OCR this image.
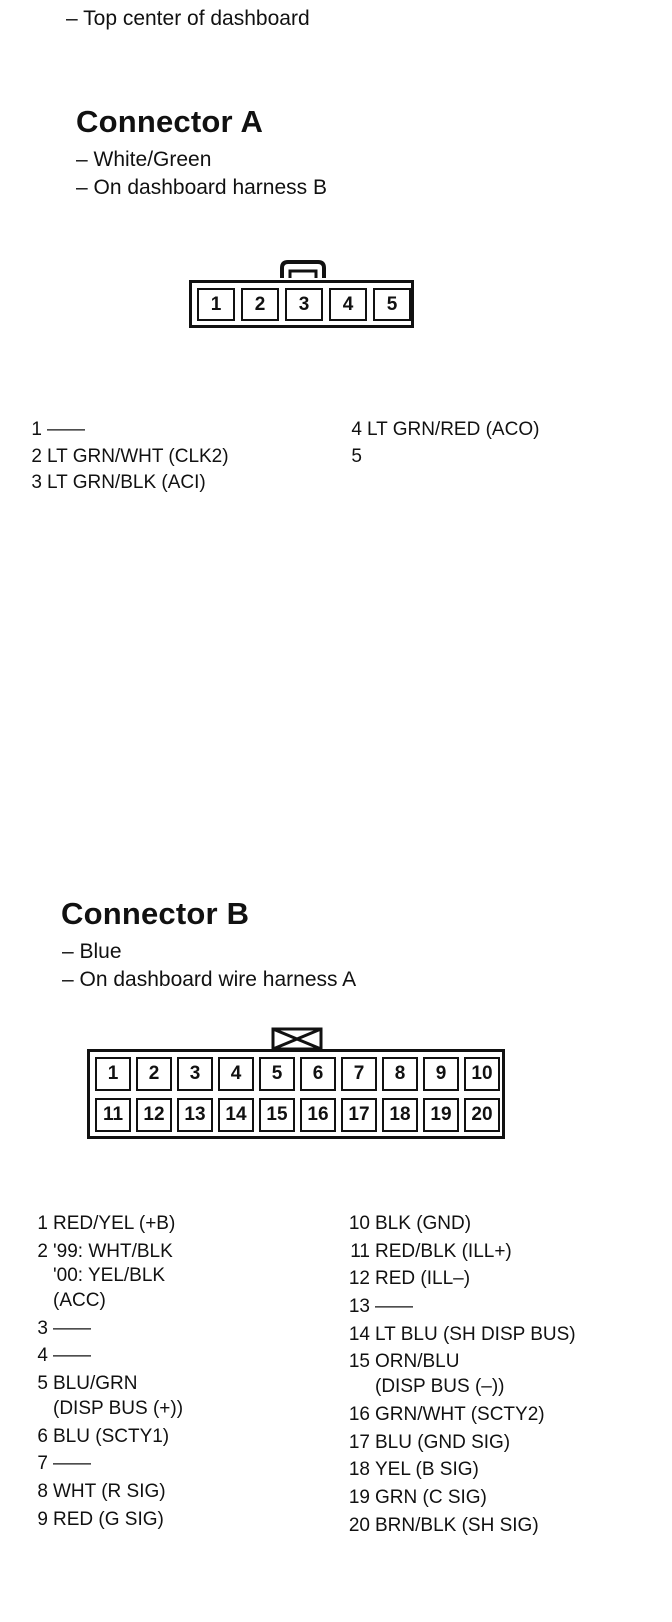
– Top center of dashboard
Connector A
– White/Green
– On dashboard harness B
1	2	3	4	5
1 ——
2 LT GRN/WHT (CLK2)
3 LT GRN/BLK (ACI)
4 LT GRN/RED (ACO)
5
Connector B
– Blue
– On dashboard wire harness A
1	2	3	4	5	6	7	8	9	10
11	12	13	14	15	16	17	18	19	20
1 RED/YEL (+B)
2 '99: WHT/BLK
'00: YEL/BLK
(ACC)
3 ——
4 ——
5 BLU/GRN
(DISP BUS (+))
6 BLU (SCTY1)
7 ——
8 WHT (R SIG)
9 RED (G SIG)
10 BLK (GND)
11 RED/BLK (ILL+)
12 RED (ILL–)
13 ——
14 LT BLU (SH DISP BUS)
15 ORN/BLU
(DISP BUS (–))
16 GRN/WHT (SCTY2)
17 BLU (GND SIG)
18 YEL (B SIG)
19 GRN (C SIG)
20 BRN/BLK (SH SIG)
